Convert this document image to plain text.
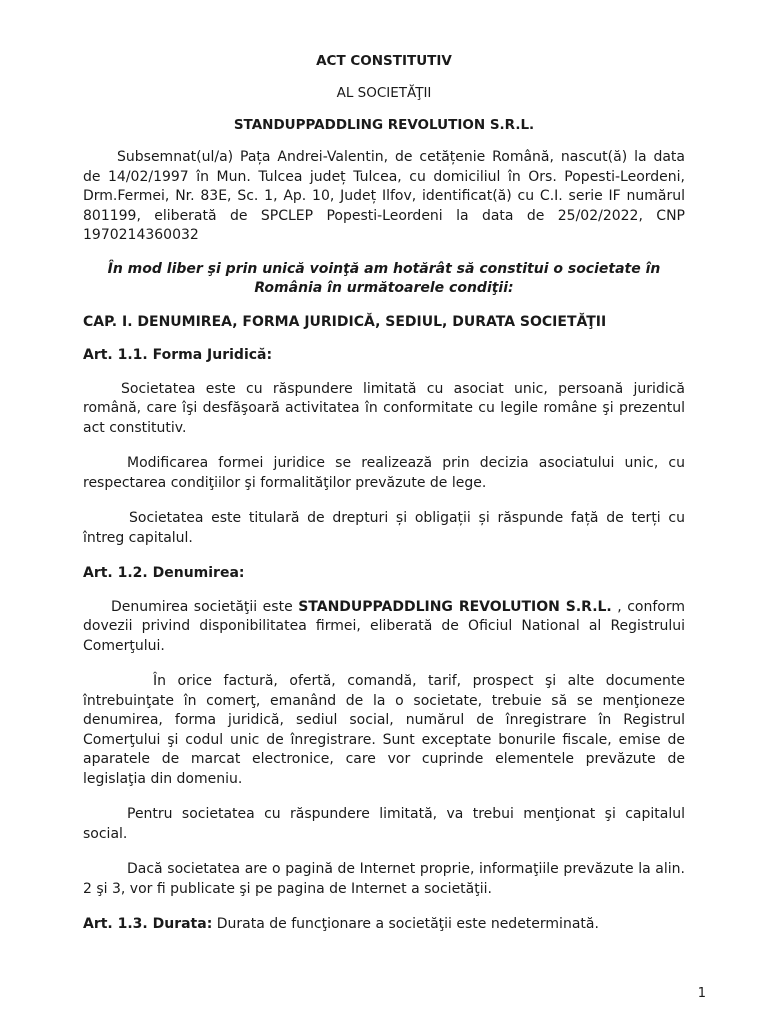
ACT CONSTITUTIV
AL SOCIETĂŢII
STANDUPPADDLING REVOLUTION S.R.L.

Subsemnat(ul/a) Pața Andrei-Valentin, de cetățenie Română, nascut(ă) la data de 14/02/1997 în Mun. Tulcea județ Tulcea, cu domiciliul în Ors. Popesti-Leordeni, Drm.Fermei, Nr. 83E, Sc. 1, Ap. 10, Județ Ilfov, identificat(ă) cu C.I. serie IF numărul 801199, eliberată de SPCLEP Popesti-Leordeni la data de 25/02/2022, CNP 1970214360032

În mod liber şi prin unică voinţă am hotărât să constitui o societate în România în următoarele condiţii:

CAP. I. DENUMIREA, FORMA JURIDICĂ, SEDIUL, DURATA SOCIETĂŢII

Art. 1.1. Forma Juridică:

Societatea este cu răspundere limitată cu asociat unic, persoană juridică română, care îşi desfăşoară activitatea în conformitate cu legile române şi prezentul act constitutiv.

Modificarea formei juridice se realizează prin decizia asociatului unic, cu respectarea condiţiilor şi formalităţilor prevăzute de lege.

Societatea este titulară de drepturi și obligații și răspunde față de terți cu întreg capitalul.

Art. 1.2. Denumirea:

Denumirea societăţii este STANDUPPADDLING REVOLUTION S.R.L. , conform dovezii privind disponibilitatea firmei, eliberată de Oficiul National al Registrului Comerţului.

În orice factură, ofertă, comandă, tarif, prospect şi alte documente întrebuinţate în comerţ, emanând de la o societate, trebuie să se menţioneze denumirea, forma juridică, sediul social, numărul de înregistrare în Registrul Comerţului şi codul unic de înregistrare. Sunt exceptate bonurile fiscale, emise de aparatele de marcat electronice, care vor cuprinde elementele prevăzute de legislaţia din domeniu.

Pentru societatea cu răspundere limitată, va trebui menţionat şi capitalul social.

Dacă societatea are o pagină de Internet proprie, informaţiile prevăzute la alin. 2 şi 3, vor fi publicate şi pe pagina de Internet a societăţii.

Art. 1.3. Durata: Durata de funcţionare a societăţii este nedeterminată.

1
